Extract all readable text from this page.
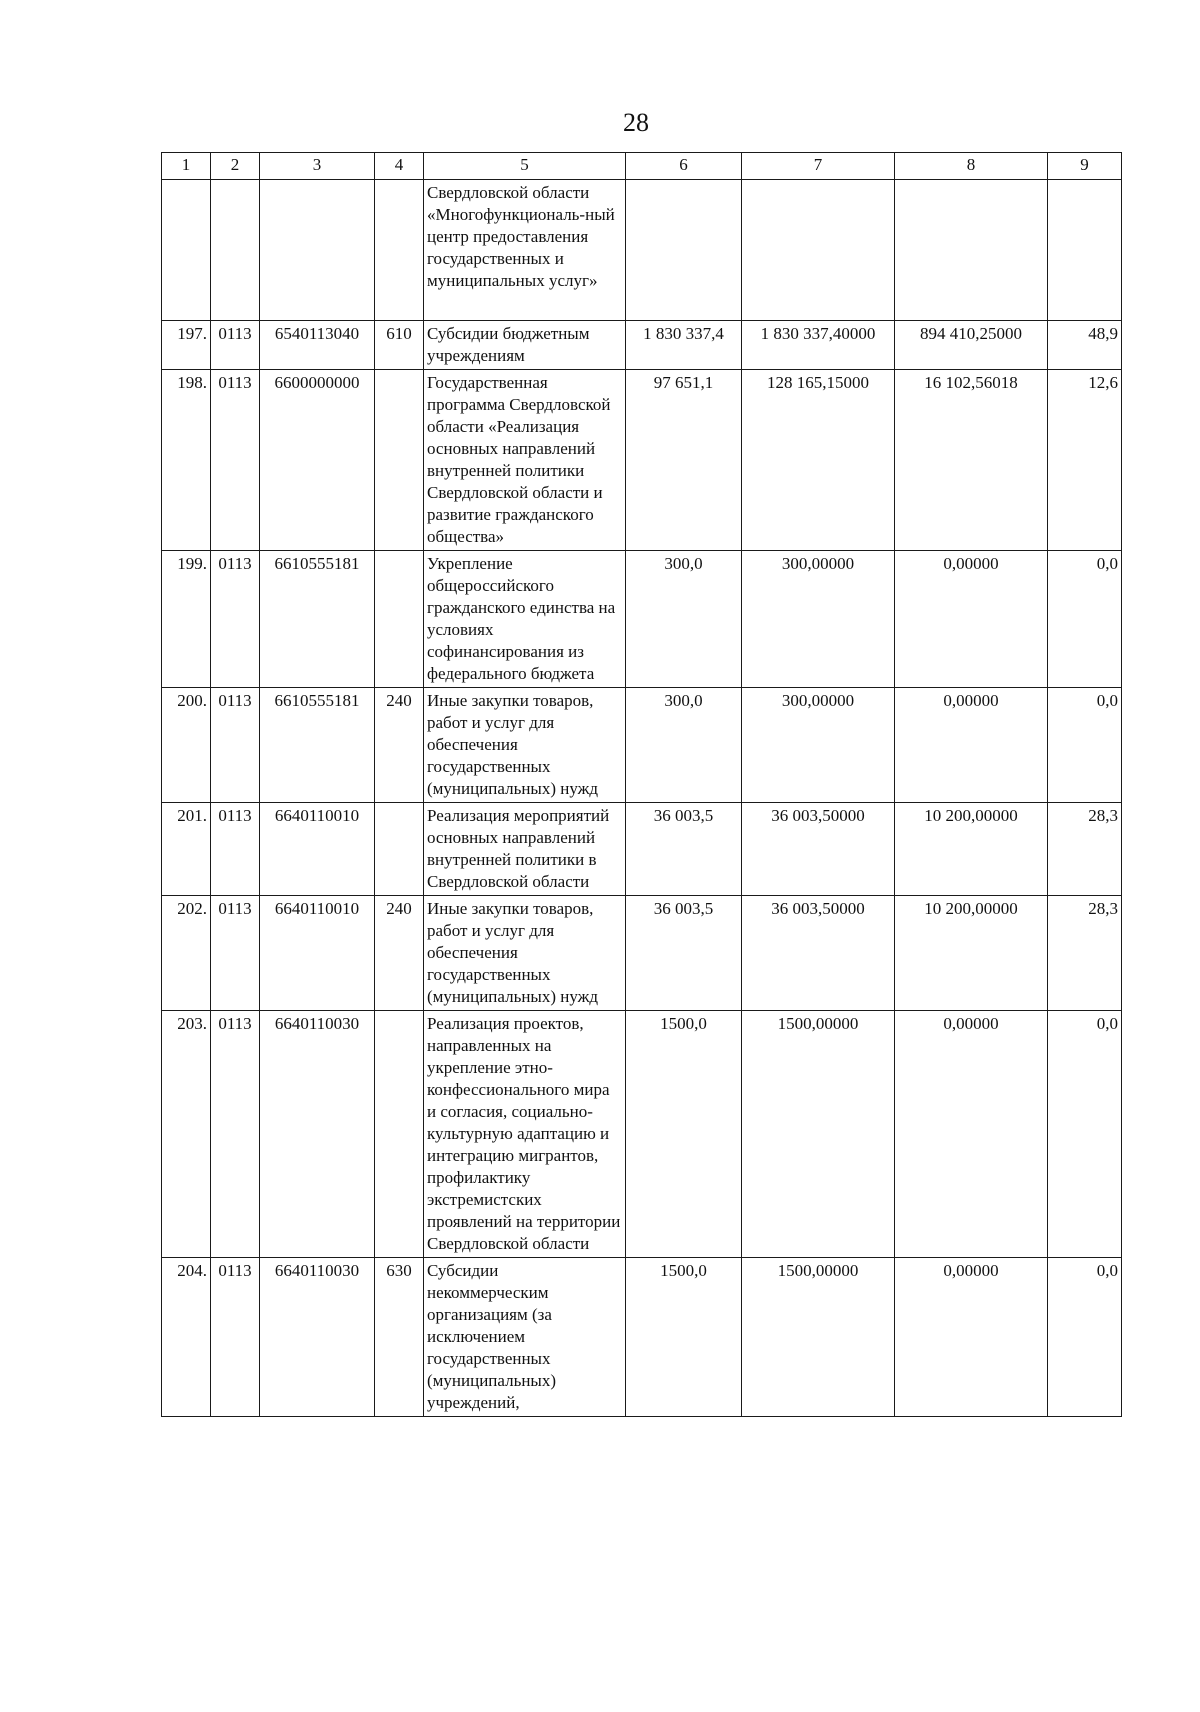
28
1	2	3	4	5	6	7	8	9
				Свердловской области «Многофункциональ-ный центр предоставления государственных и муниципальных услуг»				
197.	0113	6540113040	610	Субсидии бюджетным учреждениям	1 830 337,4	1 830 337,40000	894 410,25000	48,9
198.	0113	6600000000		Государственная программа Свердловской области «Реализация основных направлений внутренней политики Свердловской области и развитие гражданского общества»	97 651,1	128 165,15000	16 102,56018	12,6
199.	0113	6610555181		Укрепление общероссийского гражданского единства на условиях софинансирования из федерального бюджета	300,0	300,00000	0,00000	0,0
200.	0113	6610555181	240	Иные закупки товаров, работ и услуг для обеспечения государственных (муниципальных) нужд	300,0	300,00000	0,00000	0,0
201.	0113	6640110010		Реализация мероприятий основных направлений внутренней политики в Свердловской области	36 003,5	36 003,50000	10 200,00000	28,3
202.	0113	6640110010	240	Иные закупки товаров, работ и услуг для обеспечения государственных (муниципальных) нужд	36 003,5	36 003,50000	10 200,00000	28,3
203.	0113	6640110030		Реализация проектов, направленных на укрепление этно-конфессионального мира и согласия, социально-культурную адаптацию и интеграцию мигрантов, профилактику экстремистских проявлений на территории Свердловской области	1500,0	1500,00000	0,00000	0,0
204.	0113	6640110030	630	Субсидии некоммерческим организациям (за исключением государственных (муниципальных) учреждений,	1500,0	1500,00000	0,00000	0,0
